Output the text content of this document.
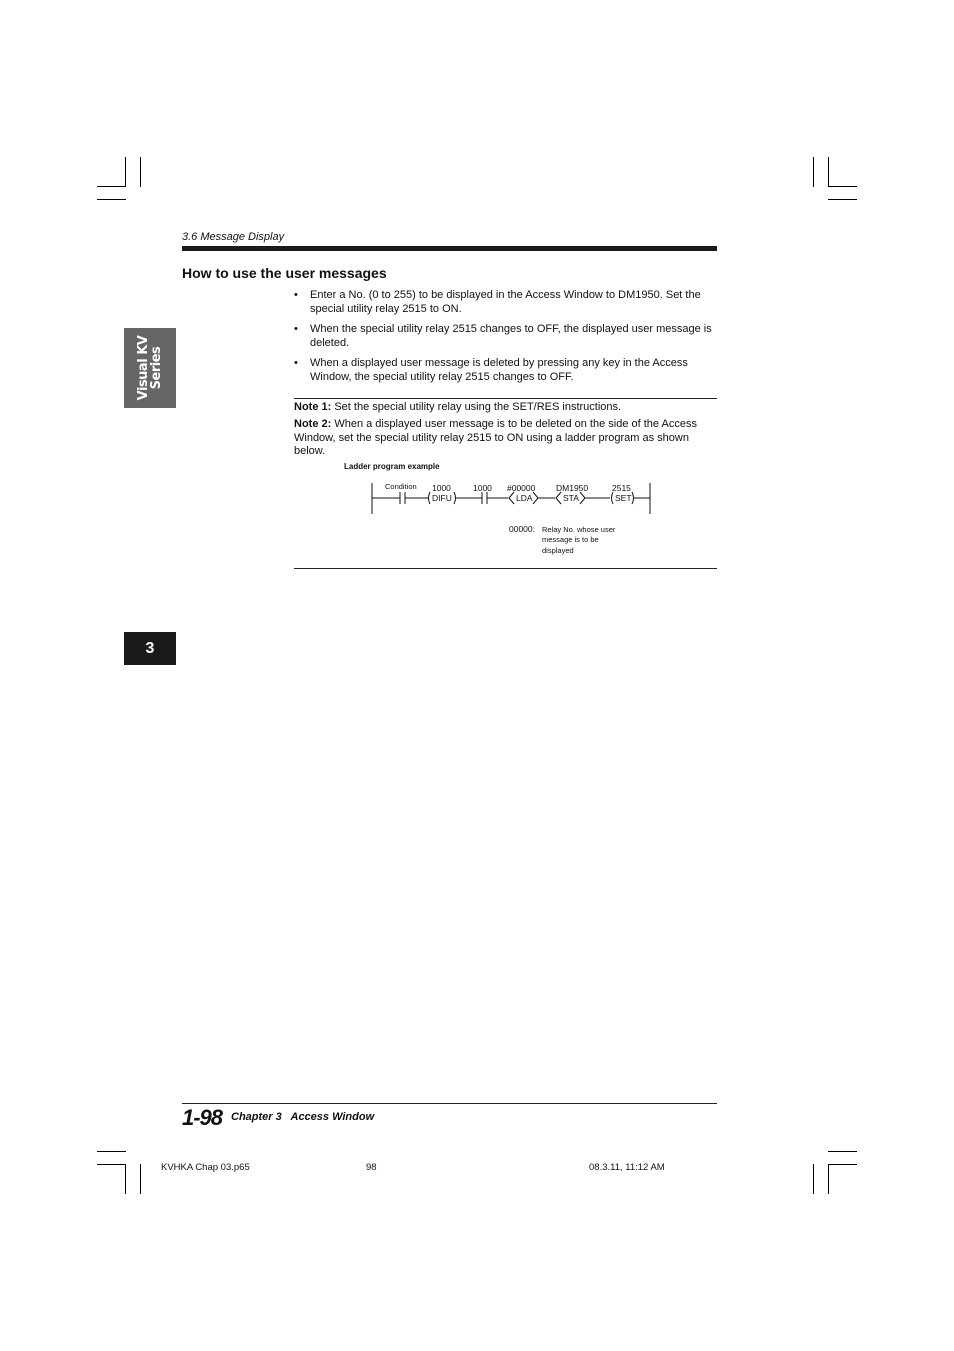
3.6 Message Display
Visual KV
Series
3
How to use the user messages
• Enter a No. (0 to 255) to be displayed in the Access Window to DM1950. Set the special utility relay 2515 to ON.
• When the special utility relay 2515 changes to OFF, the displayed user message is deleted.
• When a displayed user message is deleted by pressing any key in the Access Window, the special utility relay 2515 changes to OFF.
Note 1: Set the special utility relay using the SET/RES instructions.
Note 2: When a displayed user message is to be deleted on the side of the Access Window, set the special utility relay 2515 to ON using a ladder program as shown below.
Ladder program example
Condition 1000
DIFU
1000 #00000
LDA
DM1950
STA
2515
SET
00000: Relay No. whose user
message is to be
displayed
1-98 Chapter 3   Access Window
KVHKA Chap 03.p65	98	08.3.11, 11:12 AM
